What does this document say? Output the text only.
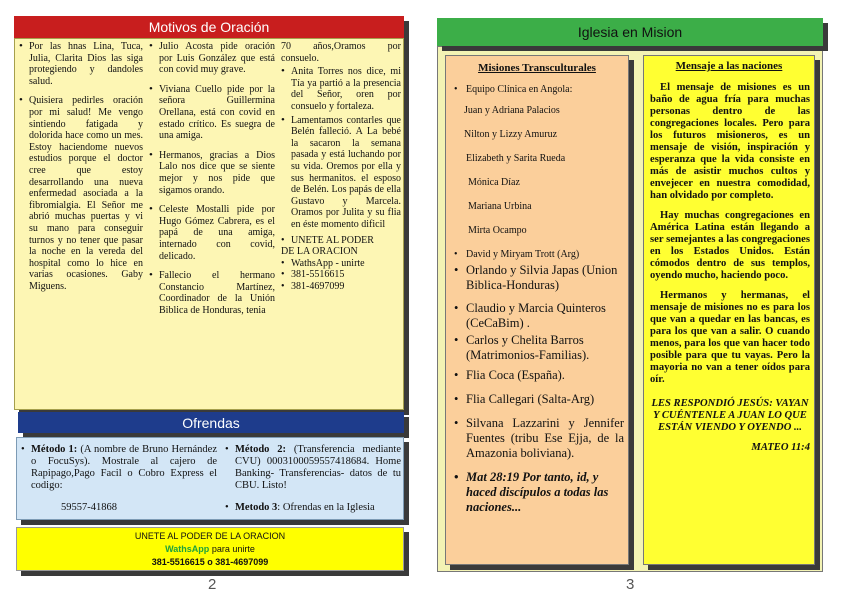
Motivos de Oración
• Por las hnas Lina, Tuca, Julia, Clarita Dios las siga protegiendo y dandoles salud.
• Quisiera pedirles oración por mi salud! Me vengo sintiendo fatigada y dolorida hace como un mes. Estoy haciendome nuevos estudios porque el doctor cree que estoy desarrollando una nueva enfermedad asociada a la fibromialgia. El Señor me abrió muchas puertas y vi su mano para conseguir turnos y no tener que pasar la noche en la vereda del hospital como lo hice en varias ocasiones. Gaby Miguens.
• Julio Acosta pide oración por Luis González que está con covid muy grave.
• Viviana Cuello pide por la señora Guillermina Orellana, está con covid en estado crítico. Es suegra de una amiga.
• Hermanos, gracias a Dios Lalo nos dice que se siente mejor y nos pide que sigamos orando.
• Celeste Mostalli pide por Hugo Gómez Cabrera, es el papá de una amiga, internado con covid, delicado.
• Fallecio el hermano Constancio Martínez, Coordinador de la Unión Biblica de Honduras, tenia
70 años,Oramos por consuelo.
• Anita Torres nos dice, mi Tía ya partió a la presencia del Señor, oren por consuelo y fortaleza.
• Lamentamos contarles que Belén falleció. A La bebé la sacaron la semana pasada y está luchando por su vida. Oremos por ella y sus hermanitos. el esposo de Belén. Los papás de ella Gustavo y Marcela. Oramos por Julita y su flia en éste momento dificil
• UNETE AL PODER
DE LA ORACION
• WathsApp - unirte
• 381-5516615
• 381-4697099
Ofrendas
• Método 1: (A nombre de Bruno Hernández o FocuSys). Mostrale al cajero de Rapipago,Pago Facil o Cobro Express el codigo:
59557-41868
• Método 2: (Transferencia mediante CVU) 0003100059557418684. Home Banking- Transferencias- datos de tu CBU. Listo!
• Metodo 3: Ofrendas en la Iglesia
UNETE AL PODER DE LA ORACION
WathsApp para unirte
381-5516615 o 381-4697099
2
Iglesia en Mision
Misiones Transculturales
• Equipo Clínica en Angola:
Juan y Adriana Palacios
Nilton y Lizzy Amuruz
Elizabeth y Sarita Rueda
Mónica Díaz
Mariana Urbina
Mirta Ocampo
• David y Miryam Trott (Arg)
• Orlando y Silvia Japas (Union Biblica-Honduras)
• Claudio y Marcia Quinteros (CeCaBim) .
• Carlos y Chelita Barros (Matrimonios-Familias).
• Flia Coca (España).
• Flia Callegari (Salta-Arg)
• Silvana Lazzarini y Jennifer Fuentes (tribu Ese Ejja, de la Amazonia boliviana).
• Mat 28:19 Por tanto, id, y haced discípulos a todas las naciones...
Mensaje a las naciones

El mensaje de misiones es un baño de agua fría para muchas personas dentro de las congregaciones locales. Pero para los futuros misioneros, es un mensaje de visión, inspiración y esperanza que la vida consiste en más de asistir muchos cultos y envejecer en nuestra comodidad, han olvidado por completo.

Hay muchas congregaciones en América Latina están llegando a ser semejantes a las congregaciones en los Estados Unidos. Están cómodos dentro de sus templos, oyendo mucho, haciendo poco.

Hermanos y hermanas, el mensaje de misiones no es para los que van a quedar en las bancas, es para los que van a salir. O cuando menos, para los que van hacer todo posible para que tu vayas. Pero la mayoria no van a tener oídos para oír.

LES RESPONDIÓ JESÚS: VAYAN Y CUÉNTENLE A JUAN LO QUE ESTÁN VIENDO Y OYENDO ...

MATEO 11:4

3
